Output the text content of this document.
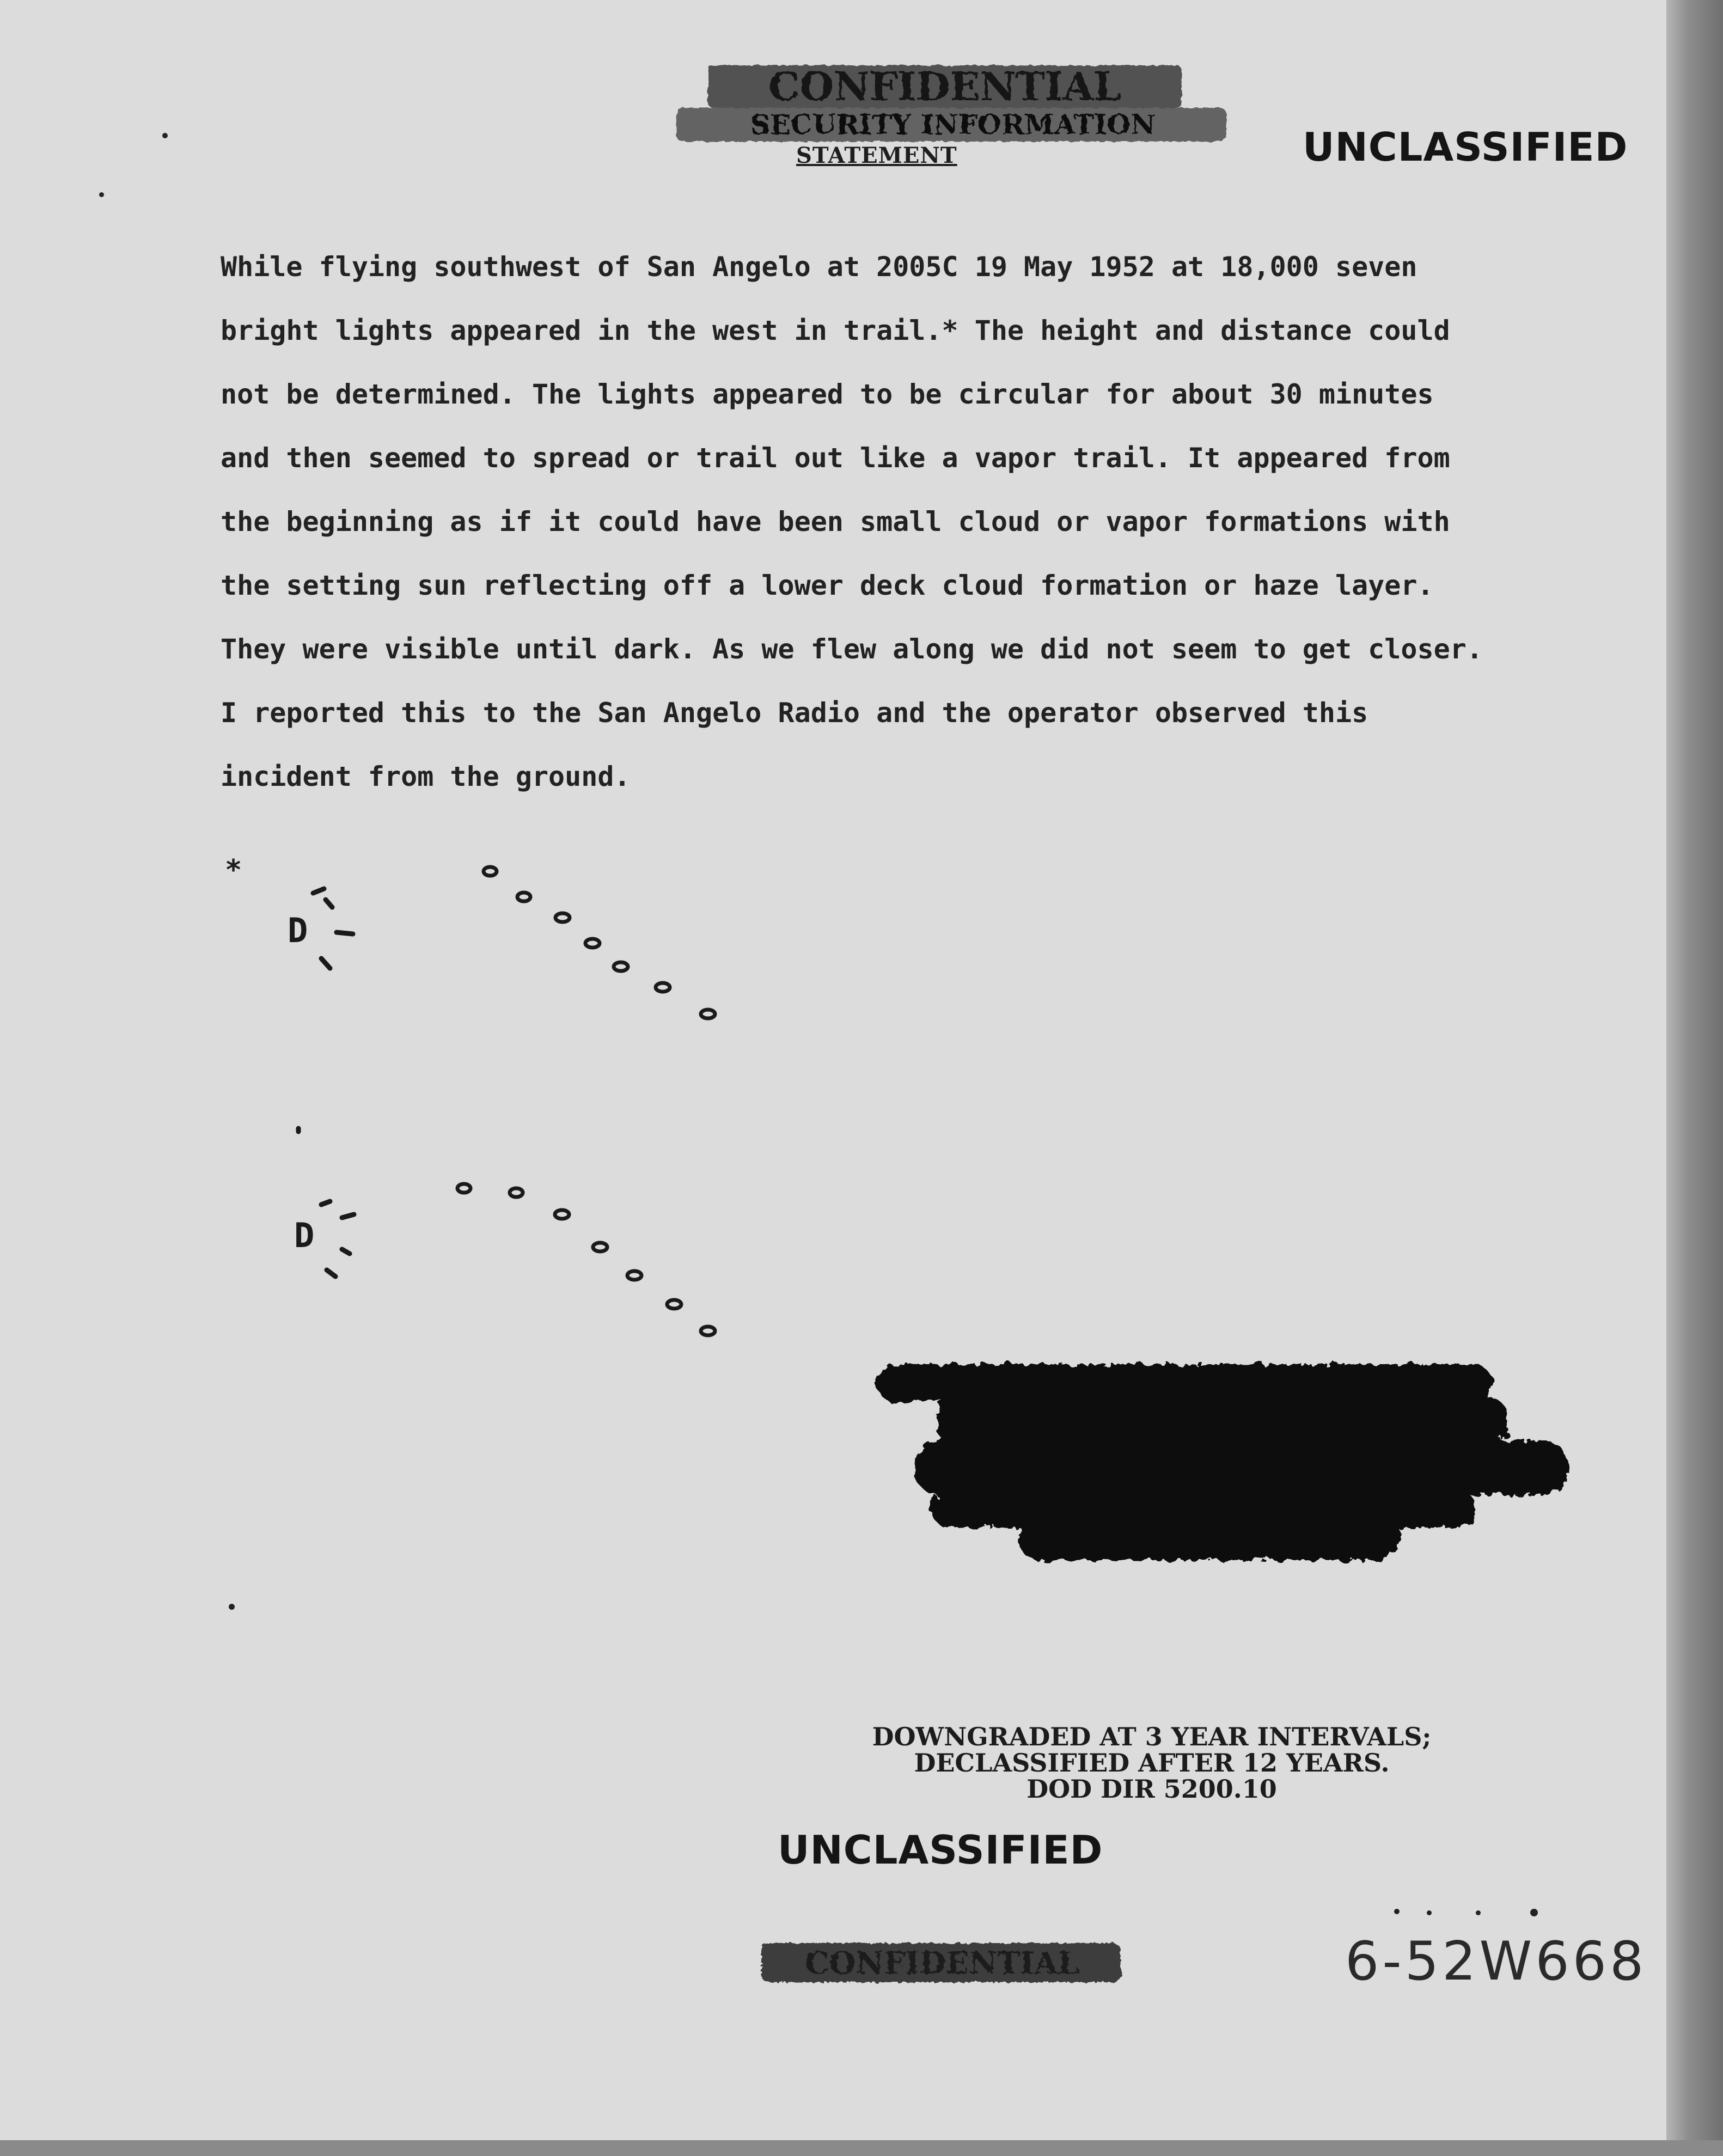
CONFIDENTIAL
SECURITY INFORMATION
STATEMENT	UNCLASSIFIED

While flying southwest of San Angelo at 2005C 19 May 1952 at 18,000 seven

bright lights appeared in the west in trail.* The height and distance could

not be determined. The lights appeared to be circular for about 30 minutes

and then seemed to spread or trail out like a vapor trail. It appeared from

the beginning as if it could have been small cloud or vapor formations with

the setting sun reflecting off a lower deck cloud formation or haze layer.

They were visible until dark. As we flew along we did not seem to get closer.

I reported this to the San Angelo Radio and the operator observed this

incident from the ground.

*
D
D
DOWNGRADED AT 3 YEAR INTERVALS;
DECLASSIFIED AFTER 12 YEARS.
DOD DIR 5200.10
UNCLASSIFIED
CONFIDENTIAL	6-52W668
